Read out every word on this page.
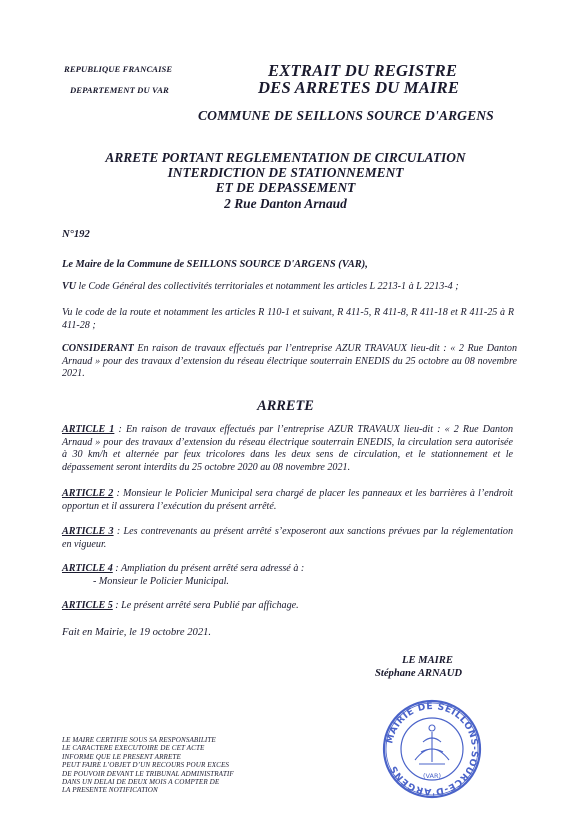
REPUBLIQUE FRANCAISE
DEPARTEMENT DU VAR
EXTRAIT DU REGISTRE
DES ARRETES DU MAIRE
COMMUNE DE SEILLONS SOURCE D'ARGENS
ARRETE PORTANT REGLEMENTATION DE CIRCULATION
INTERDICTION DE STATIONNEMENT
ET DE DEPASSEMENT
2 Rue Danton Arnaud
N°192
Le Maire de la Commune de SEILLONS SOURCE D'ARGENS (VAR),
VU le Code Général des collectivités territoriales et notamment les articles L 2213-1 à L 2213-4 ;
Vu le code de la route et notamment les articles R 110-1 et suivant, R 411-5, R 411-8, R 411-18 et R 411-25 à R 411-28 ;
CONSIDERANT En raison de travaux effectués par l’entreprise AZUR TRAVAUX lieu-dit : « 2 Rue Danton Arnaud » pour des travaux d’extension du réseau électrique souterrain ENEDIS du 25 octobre au 08 novembre 2021.
ARRETE
ARTICLE 1 : En raison de travaux effectués par l’entreprise AZUR TRAVAUX lieu-dit : « 2 Rue Danton Arnaud » pour des travaux d’extension du réseau électrique souterrain ENEDIS, la circulation sera autorisée à 30 km/h et alternée par feux tricolores dans les deux sens de circulation, et le stationnement et le dépassement seront interdits du 25 octobre 2020 au 08 novembre 2021.
ARTICLE 2 : Monsieur le Policier Municipal sera chargé de placer les panneaux et les barrières à l’endroit opportun et il assurera l’exécution du présent arrêté.
ARTICLE 3 : Les contrevenants au présent arrêté s’exposeront aux sanctions prévues par la réglementation en vigueur.
ARTICLE 4 : Ampliation du présent arrêté sera adressé à :
- Monsieur le Policier Municipal.
ARTICLE 5 : Le présent arrêté sera Publié par affichage.
Fait en Mairie, le 19 octobre 2021.
LE MAIRE
Stéphane ARNAUD
MAIRIE DE SEILLONS-SOURCE-D'ARGENS
(VAR)
LE MAIRE CERTIFIE SOUS SA RESPONSABILITE
LE CARACTERE EXECUTOIRE DE CET ACTE
INFORME QUE LE PRESENT ARRETE
PEUT FAIRE L’OBJET D’UN RECOURS POUR EXCES
DE POUVOIR DEVANT LE TRIBUNAL ADMINISTRATIF
DANS UN DELAI DE DEUX MOIS A COMPTER DE
LA PRESENTE NOTIFICATION
